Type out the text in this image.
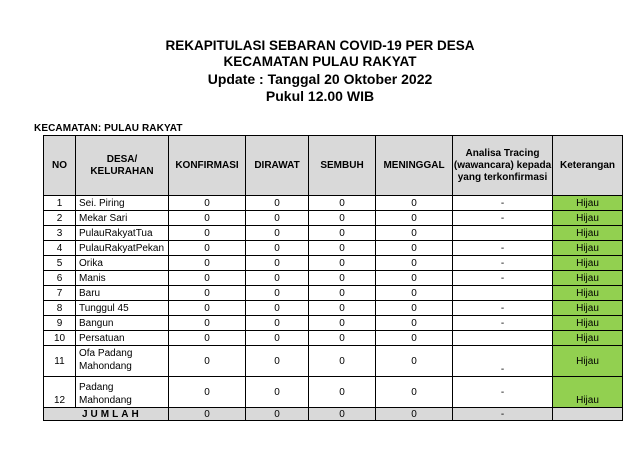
REKAPITULASI SEBARAN COVID-19 PER DESA
KECAMATAN PULAU RAKYAT
Update : Tanggal 20 Oktober 2022
Pukul 12.00 WIB
KECAMATAN: PULAU RAKYAT
NO	DESA/ KELURAHAN	KONFIRMASI	DIRAWAT	SEMBUH	MENINGGAL	Analisa Tracing (wawancara) kepada yang terkonfirmasi	Keterangan
1	Sei. Piring	0	0	0	0	-	Hijau
2	Mekar Sari	0	0	0	0	-	Hijau
3	PulauRakyatTua	0	0	0	0		Hijau
4	PulauRakyatPekan	0	0	0	0	-	Hijau
5	Orika	0	0	0	0	-	Hijau
6	Manis	0	0	0	0	-	Hijau
7	Baru	0	0	0	0		Hijau
8	Tunggul 45	0	0	0	0	-	Hijau
9	Bangun	0	0	0	0	-	Hijau
10	Persatuan	0	0	0	0		Hijau
11	Ofa Padang
Mahondang	0	0	0	0	-	Hijau
12	Padang
Mahondang	0	0	0	0	-	Hijau
JUMLAH		0	0	0	0	-	
